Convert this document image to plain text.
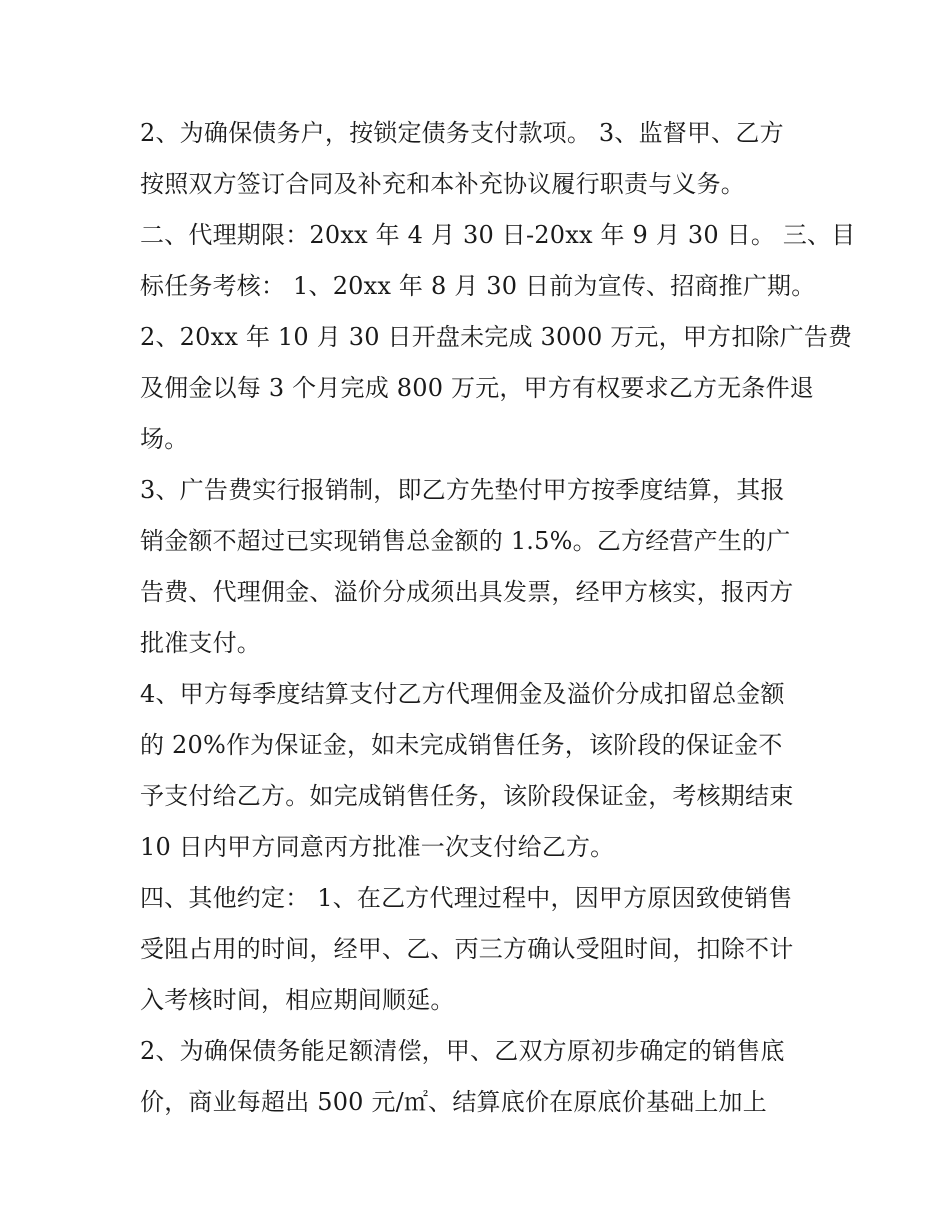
2、为确保债务户，按锁定债务支付款项。 3、监督甲、乙方
按照双方签订合同及补充和本补充协议履行职责与义务。
二、代理期限：20xx 年 4 月 30 日-20xx 年 9 月 30 日。 三、目
标任务考核： 1、20xx 年 8 月 30 日前为宣传、招商推广期。
2、20xx 年 10 月 30 日开盘未完成 3000 万元，甲方扣除广告费
及佣金以每 3 个月完成 800 万元，甲方有权要求乙方无条件退
场。
3、广告费实行报销制，即乙方先垫付甲方按季度结算，其报
销金额不超过已实现销售总金额的 1.5%。乙方经营产生的广
告费、代理佣金、溢价分成须出具发票，经甲方核实，报丙方
批准支付。
4、甲方每季度结算支付乙方代理佣金及溢价分成扣留总金额
的 20%作为保证金，如未完成销售任务，该阶段的保证金不
予支付给乙方。如完成销售任务，该阶段保证金，考核期结束
10 日内甲方同意丙方批准一次支付给乙方。
四、其他约定： 1、在乙方代理过程中，因甲方原因致使销售
受阻占用的时间，经甲、乙、丙三方确认受阻时间，扣除不计
入考核时间，相应期间顺延。
2、为确保债务能足额清偿，甲、乙双方原初步确定的销售底
价，商业每超出 500 元/㎡、结算底价在原底价基础上加上
